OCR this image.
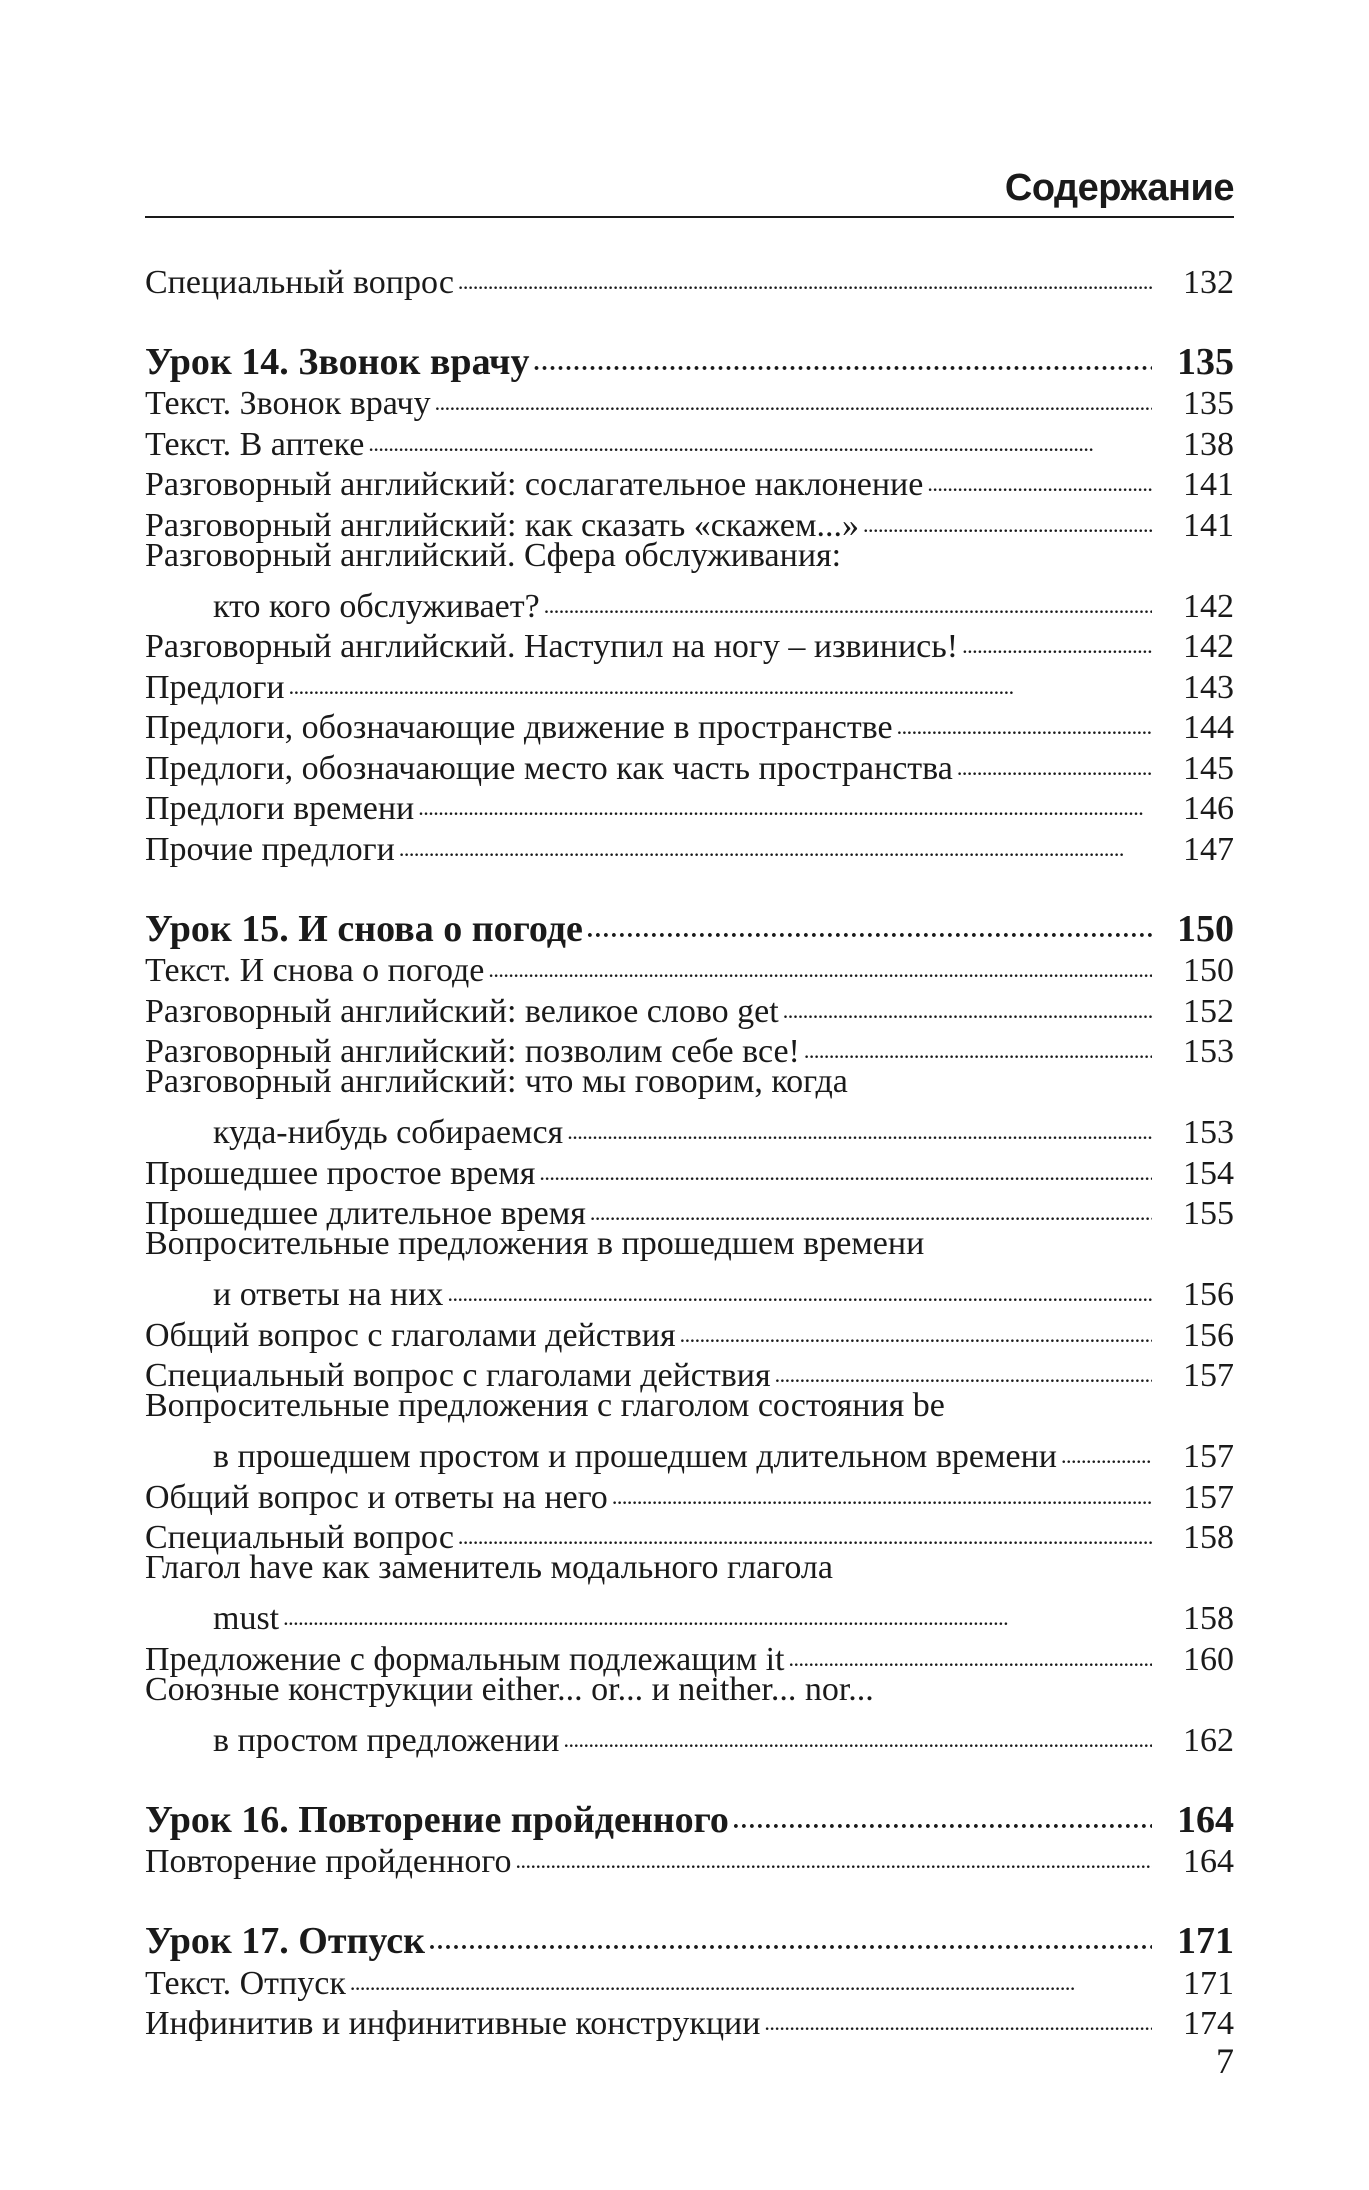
Содержание
Специальный вопрос . . .	132
Урок 14. Звонок врачу . . .	135
Текст. Звонок врачу . . .	135
Текст. В аптеке . . .	138
Разговорный английский: сослагательное наклонение . . .	141
Разговорный английский: как сказать «скажем...» . . .	141
Разговорный английский. Сфера обслуживания:
кто кого обслуживает? . . .	142
Разговорный английский. Наступил на ногу – извинись! . . .	142
Предлоги . . .	143
Предлоги, обозначающие движение в пространстве . . .	144
Предлоги, обозначающие место как часть пространства . . .	145
Предлоги времени . . .	146
Прочие предлоги . . .	147
Урок 15. И снова о погоде . . .	150
Текст. И снова о погоде . . .	150
Разговорный английский: великое слово get . . .	152
Разговорный английский: позволим себе все! . . .	153
Разговорный английский: что мы говорим, когда
куда-нибудь собираемся . . .	153
Прошедшее простое время . . .	154
Прошедшее длительное время . . .	155
Вопросительные предложения в прошедшем времени
и ответы на них . . .	156
Общий вопрос с глаголами действия . . .	156
Специальный вопрос с глаголами действия . . .	157
Вопросительные предложения с глаголом состояния be
в прошедшем простом и прошедшем длительном времени . . .	157
Общий вопрос и ответы на него . . .	157
Специальный вопрос . . .	158
Глагол have как заменитель модального глагола
must . . .	158
Предложение с формальным подлежащим it . . .	160
Союзные конструкции either... or... и neither... nor...
в простом предложении . . .	162
Урок 16. Повторение пройденного . . .	164
Повторение пройденного . . .	164
Урок 17. Отпуск . . .	171
Текст. Отпуск . . .	171
Инфинитив и инфинитивные конструкции . . .	174
7
